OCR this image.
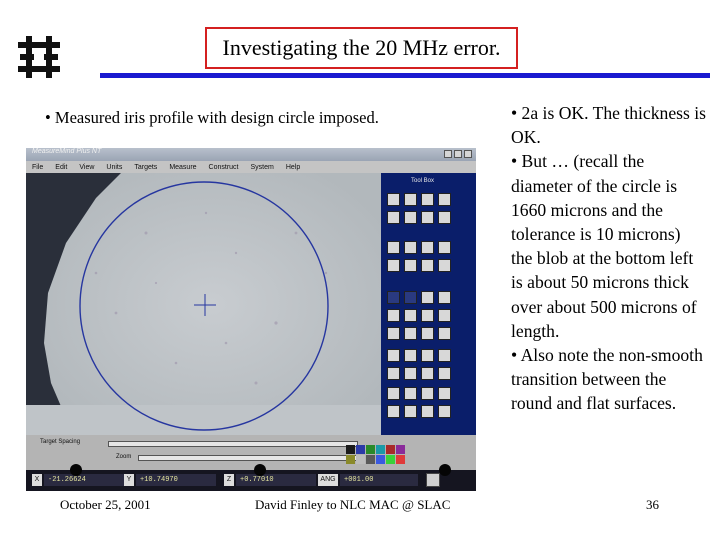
Investigating the 20 MHz error.
• Measured iris profile with design circle imposed.	• 2a is OK. The thickness is OK.

• But … (recall the diameter of the circle is 1660 microns and the tolerance is 10 microns) the blob at the bottom left is about 50 microns thick over about 500 microns of length.

• Also note the non-smooth transition between the round and flat surfaces.

MeasureMind Plus NT
File	Edit	View	Units	Targets	Measure	Construct	System	Help
Tool Box
Target Spacing
Zoom
X	-21.26624	Y	+10.74970	Z	+0.77010	ANG	+001.00
October 25, 2001	David Finley to NLC MAC @ SLAC	36
